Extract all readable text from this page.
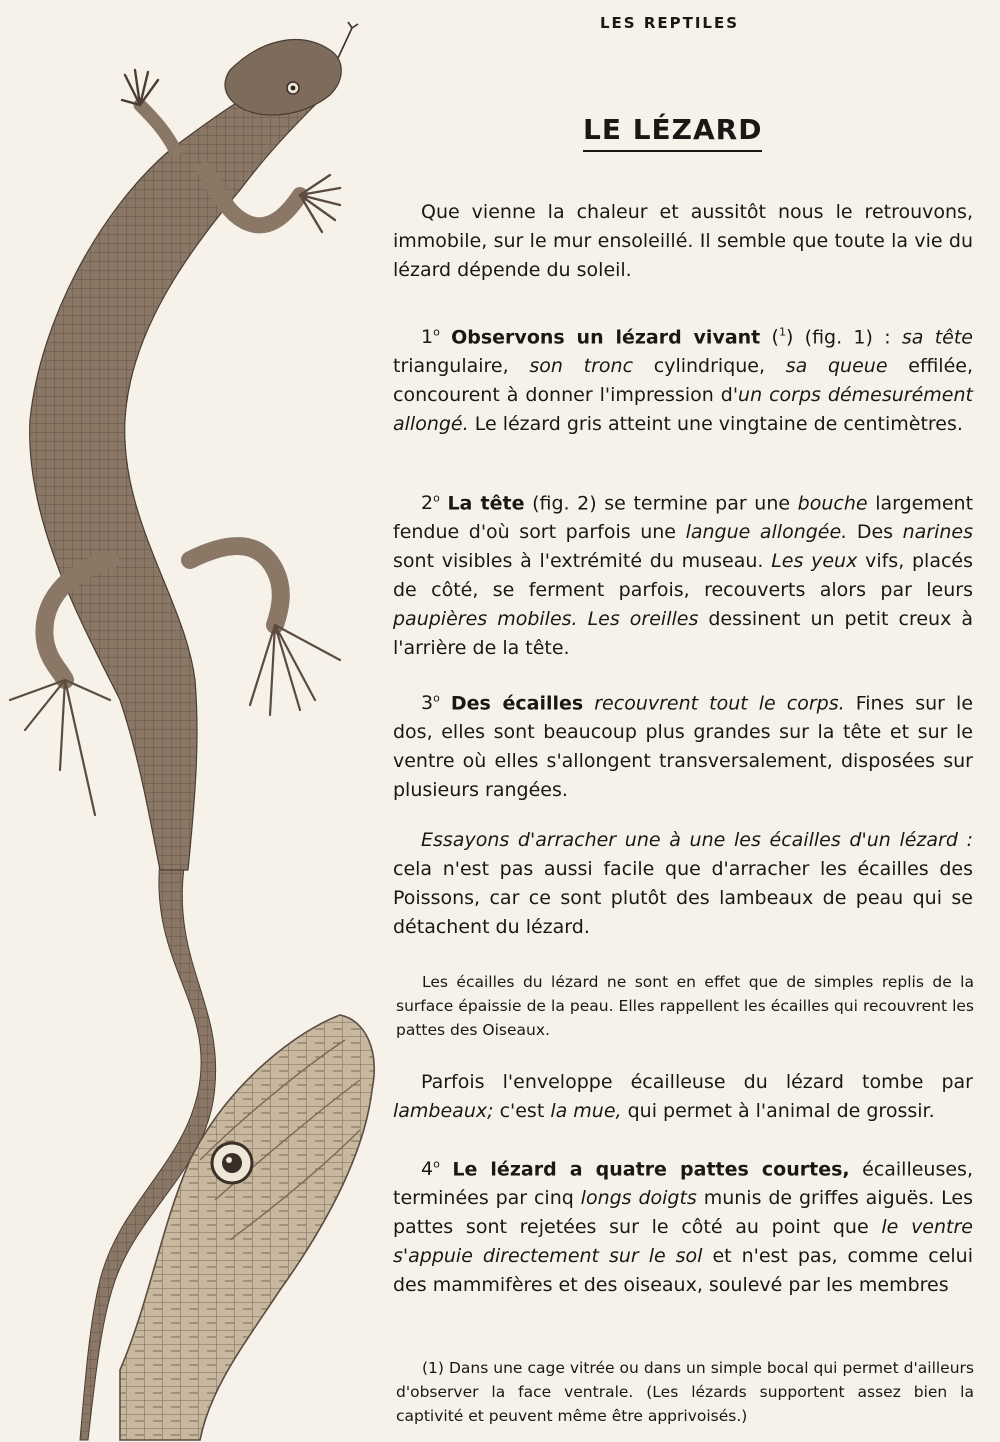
LES REPTILES
LE LÉZARD

Que vienne la chaleur et aussitôt nous le retrouvons, immobile, sur le mur ensoleillé. Il semble que toute la vie du lézard dépende du soleil.

1$^o$ Observons un lézard vivant ($^1$) (fig. 1) : sa tête triangulaire, son tronc cylindrique, sa queue effilée, concourent à donner l'impression d'un corps démesurément allongé. Le lézard gris atteint une vingtaine de centimètres.

2$^o$ La tête (fig. 2) se termine par une bouche largement fendue d'où sort parfois une langue allongée. Des narines sont visibles à l'extrémité du museau. Les yeux vifs, placés de côté, se ferment parfois, recouverts alors par leurs paupières mobiles. Les oreilles dessinent un petit creux à l'arrière de la tête.

3$^o$ Des écailles recouvrent tout le corps. Fines sur le dos, elles sont beaucoup plus grandes sur la tête et sur le ventre où elles s'allongent transversalement, disposées sur plusieurs rangées.

Essayons d'arracher une à une les écailles d'un lézard : cela n'est pas aussi facile que d'arracher les écailles des Poissons, car ce sont plutôt des lambeaux de peau qui se détachent du lézard.

Les écailles du lézard ne sont en effet que de simples replis de la surface épaissie de la peau. Elles rappellent les écailles qui recouvrent les pattes des Oiseaux.

Parfois l'enveloppe écailleuse du lézard tombe par lambeaux; c'est la mue, qui permet à l'animal de grossir.

4$^o$ Le lézard a quatre pattes courtes, écailleuses, terminées par cinq longs doigts munis de griffes aiguës. Les pattes sont rejetées sur le côté au point que le ventre s'appuie directement sur le sol et n'est pas, comme celui des mammifères et des oiseaux, soulevé par les membres

(1) Dans une cage vitrée ou dans un simple bocal qui permet d'ailleurs d'observer la face ventrale. (Les lézards supportent assez bien la captivité et peuvent même être apprivoisés.)
